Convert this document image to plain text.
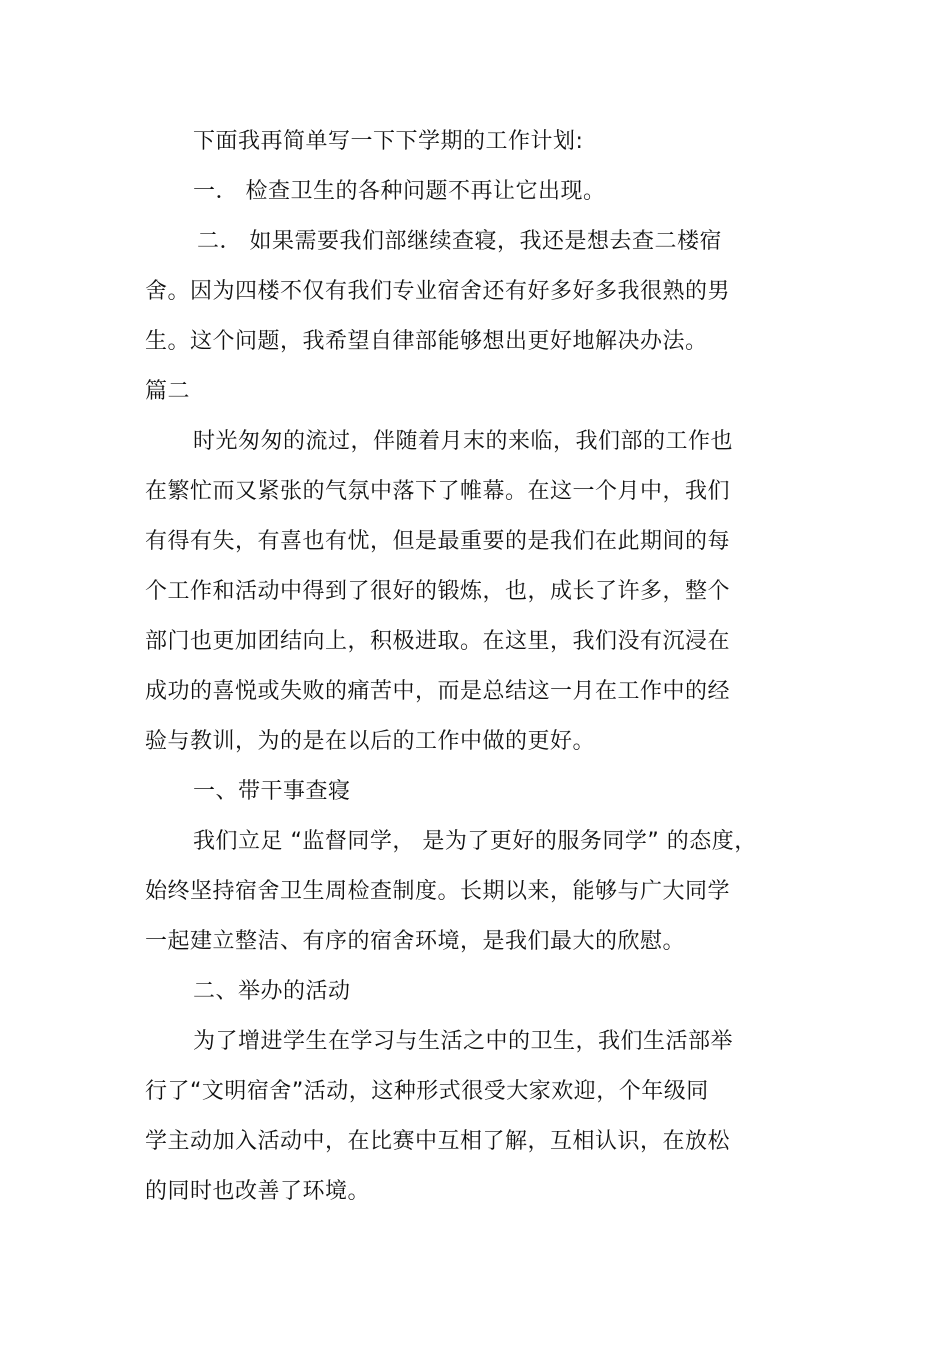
下面我再简单写一下下学期的工作计划:
一． 检查卫生的各种问题不再让它出现。
二． 如果需要我们部继续查寝，我还是想去查二楼宿
舍。因为四楼不仅有我们专业宿舍还有好多好多我很熟的男
生。这个问题，我希望自律部能够想出更好地解决办法。
篇二
时光匆匆的流过，伴随着月末的来临，我们部的工作也
在繁忙而又紧张的气氛中落下了帷幕。在这一个月中，我们
有得有失，有喜也有忧，但是最重要的是我们在此期间的每
个工作和活动中得到了很好的锻炼，也，成长了许多，整个
部门也更加团结向上，积极进取。在这里，我们没有沉浸在
成功的喜悦或失败的痛苦中，而是总结这一月在工作中的经
验与教训，为的是在以后的工作中做的更好。
一、带干事查寝
我们立足 “监督同学， 是为了更好的服务同学” 的态度，
始终坚持宿舍卫生周检查制度。长期以来，能够与广大同学
一起建立整洁、有序的宿舍环境，是我们最大的欣慰。
二、举办的活动
为了增进学生在学习与生活之中的卫生，我们生活部举
行了“文明宿舍”活动，这种形式很受大家欢迎，个年级同
学主动加入活动中，在比赛中互相了解，互相认识，在放松
的同时也改善了环境。
